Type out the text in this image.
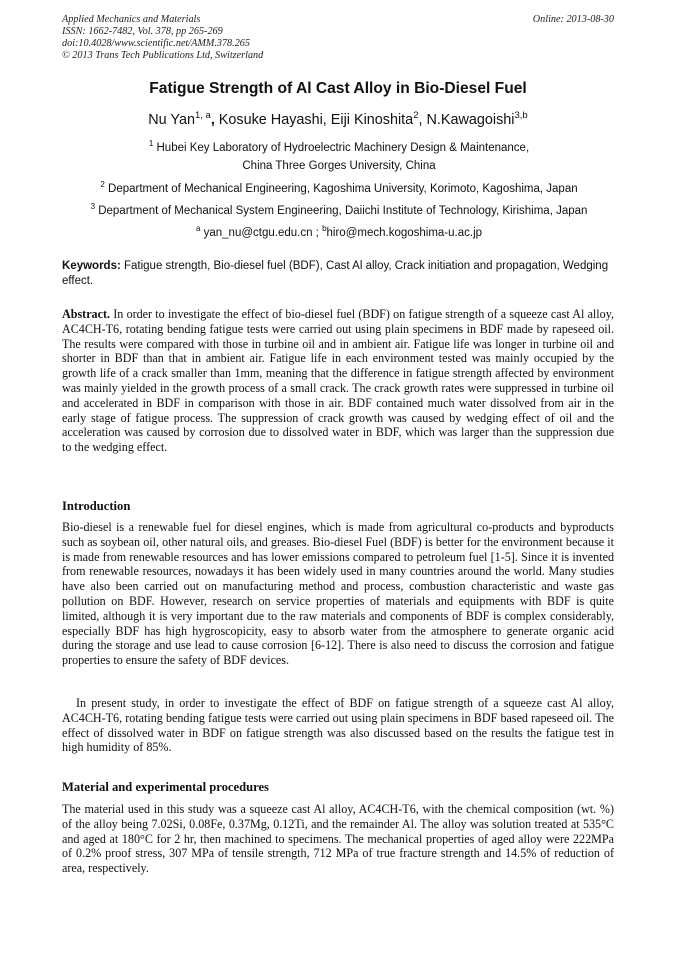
Applied Mechanics and Materials
ISSN: 1662-7482, Vol. 378, pp 265-269
doi:10.4028/www.scientific.net/AMM.378.265
© 2013 Trans Tech Publications Ltd, Switzerland
Online: 2013-08-30
Fatigue Strength of Al Cast Alloy in Bio-Diesel Fuel
Nu Yan$^{1, a}$, Kosuke Hayashi, Eiji Kinoshita$^2$, N.Kawagoishi$^{3,b}$
$^1$ Hubei Key Laboratory of Hydroelectric Machinery Design & Maintenance,
China Three Gorges University, China
$^2$ Department of Mechanical Engineering, Kagoshima University, Korimoto, Kagoshima, Japan
$^3$ Department of Mechanical System Engineering, Daiichi Institute of Technology, Kirishima, Japan
$^a$ yan_nu@ctgu.edu.cn ; $^b$hiro@mech.kogoshima-u.ac.jp
Keywords: Fatigue strength, Bio-diesel fuel (BDF), Cast Al alloy, Crack initiation and propagation, Wedging effect.
Abstract. In order to investigate the effect of bio-diesel fuel (BDF) on fatigue strength of a squeeze cast Al alloy, AC4CH-T6, rotating bending fatigue tests were carried out using plain specimens in BDF made by rapeseed oil. The results were compared with those in turbine oil and in ambient air. Fatigue life was longer in turbine oil and shorter in BDF than that in ambient air. Fatigue life in each environment tested was mainly occupied by the growth life of a crack smaller than 1mm, meaning that the difference in fatigue strength affected by environment was mainly yielded in the growth process of a small crack. The crack growth rates were suppressed in turbine oil and accelerated in BDF in comparison with those in air. BDF contained much water dissolved from air in the early stage of fatigue process. The suppression of crack growth was caused by wedging effect of oil and the acceleration was caused by corrosion due to dissolved water in BDF, which was larger than the suppression due to the wedging effect.
Introduction
Bio-diesel is a renewable fuel for diesel engines, which is made from agricultural co-products and byproducts such as soybean oil, other natural oils, and greases. Bio-diesel Fuel (BDF) is better for the environment because it is made from renewable resources and has lower emissions compared to petroleum fuel [1-5]. Since it is invented from renewable resources, nowadays it has been widely used in many countries around the world. Many studies have also been carried out on manufacturing method and process, combustion characteristic and waste gas pollution on BDF. However, research on service properties of materials and equipments with BDF is quite limited, although it is very important due to the raw materials and components of BDF is complex considerably, especially BDF has high hygroscopicity, easy to absorb water from the atmosphere to generate organic acid during the storage and use lead to cause corrosion [6-12]. There is also need to discuss the corrosion and fatigue properties to ensure the safety of BDF devices.
In present study, in order to investigate the effect of BDF on fatigue strength of a squeeze cast Al alloy, AC4CH-T6, rotating bending fatigue tests were carried out using plain specimens in BDF based rapeseed oil. The effect of dissolved water in BDF on fatigue strength was also discussed based on the results the fatigue test in high humidity of 85%.
Material and experimental procedures
The material used in this study was a squeeze cast Al alloy, AC4CH-T6, with the chemical composition (wt. %) of the alloy being 7.02Si, 0.08Fe, 0.37Mg, 0.12Ti, and the remainder Al. The alloy was solution treated at 535°C and aged at 180°C for 2 hr, then machined to specimens. The mechanical properties of aged alloy were 222MPa of 0.2% proof stress, 307 MPa of tensile strength, 712 MPa of true fracture strength and 14.5% of reduction of area, respectively.
